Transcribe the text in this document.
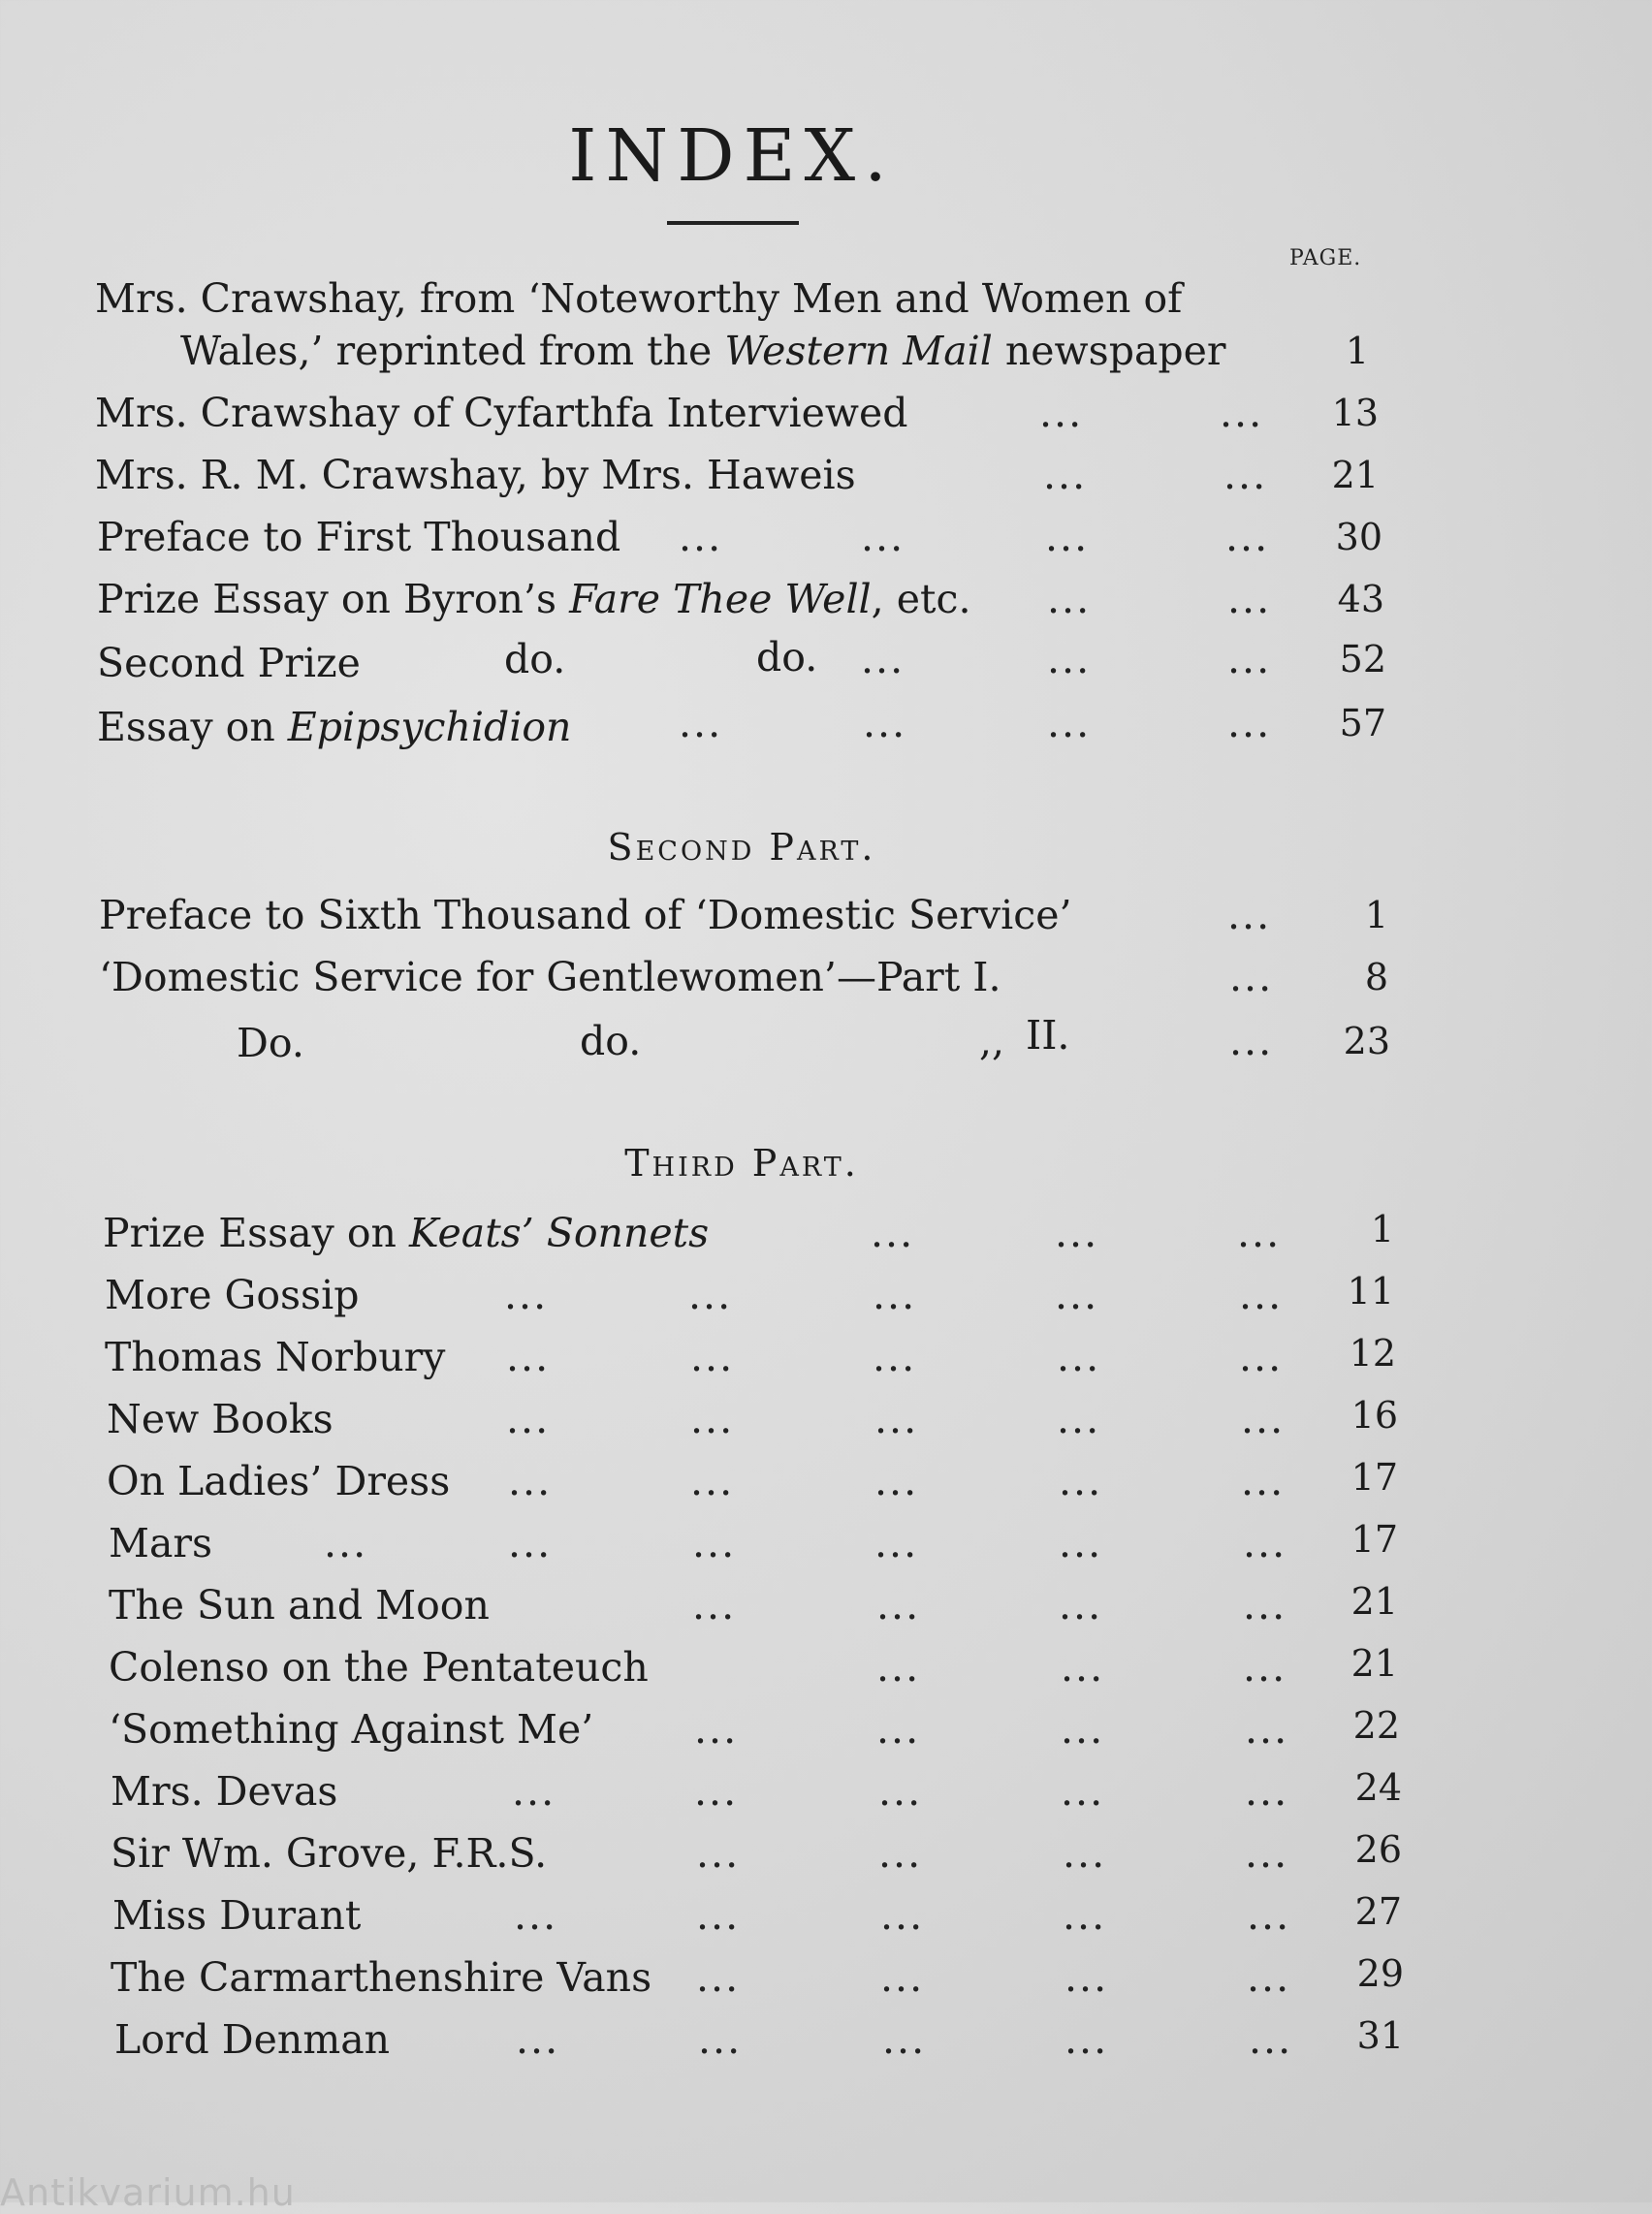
INDEX.
PAGE.
Mrs. Crawshay, from ‘Noteworthy Men and Women of
Wales,’ reprinted from the Western Mail newspaper	1
Mrs. Crawshay of Cyfarthfa Interviewed	...	...	13
Mrs. R. M. Crawshay, by Mrs. Haweis	...	...	21
Preface to First Thousand ...	...	...	...	30
Prize Essay on Byron’s Fare Thee Well, etc. ...	...	43
Second Prize	do.	do. ...	...	...	52
Essay on Epipsychidion	...	...	...	...	57
Second Part.
Preface to Sixth Thousand of ‘Domestic Service’	...	1
‘Domestic Service for Gentlewomen’—Part I.	...	8
Do.	do.	,, II.	...	23
Third Part.
Prize Essay on Keats’ Sonnets	...	...	...	1
More Gossip	...	...	...	...	...	11
Thomas Norbury ...	...	...	...	...	12
New Books	...	...	...	...	...	16
On Ladies’ Dress ...	...	...	...	...	17
Mars	...	...	...	...	...	...	17
The Sun and Moon	...	...	...	...	21
Colenso on the Pentateuch	...	...	...	21
‘Something Against Me’	...	...	...	...	22
Mrs. Devas	...	...	...	...	...	24
Sir Wm. Grove, F.R.S.	...	...	...	...	26
Miss Durant	...	...	...	...	...	27
The Carmarthenshire Vans ...	...	...	...	29
Lord Denman	...	...	...	...	...	31
Antikvarium.hu
